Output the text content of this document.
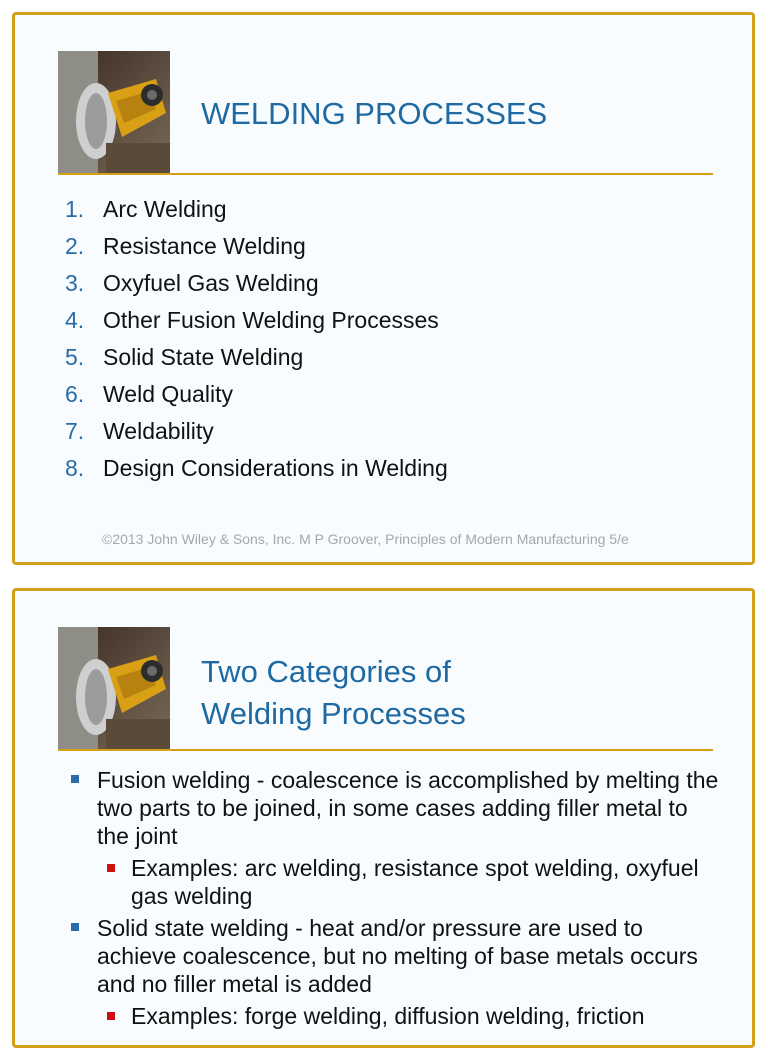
WELDING PROCESSES
1. Arc Welding
2. Resistance Welding
3. Oxyfuel Gas Welding
4. Other Fusion Welding Processes
5. Solid State Welding
6. Weld Quality
7. Weldability
8. Design Considerations in Welding
©2013 John Wiley & Sons, Inc. M P Groover, Principles of Modern Manufacturing 5/e
Two Categories of
Welding Processes
Fusion welding - coalescence is accomplished by melting the two parts to be joined, in some cases adding filler metal to the joint
Examples: arc welding, resistance spot welding, oxyfuel gas welding
Solid state welding - heat and/or pressure are used to achieve coalescence, but no melting of base metals occurs and no filler metal is added
Examples: forge welding, diffusion welding, friction
